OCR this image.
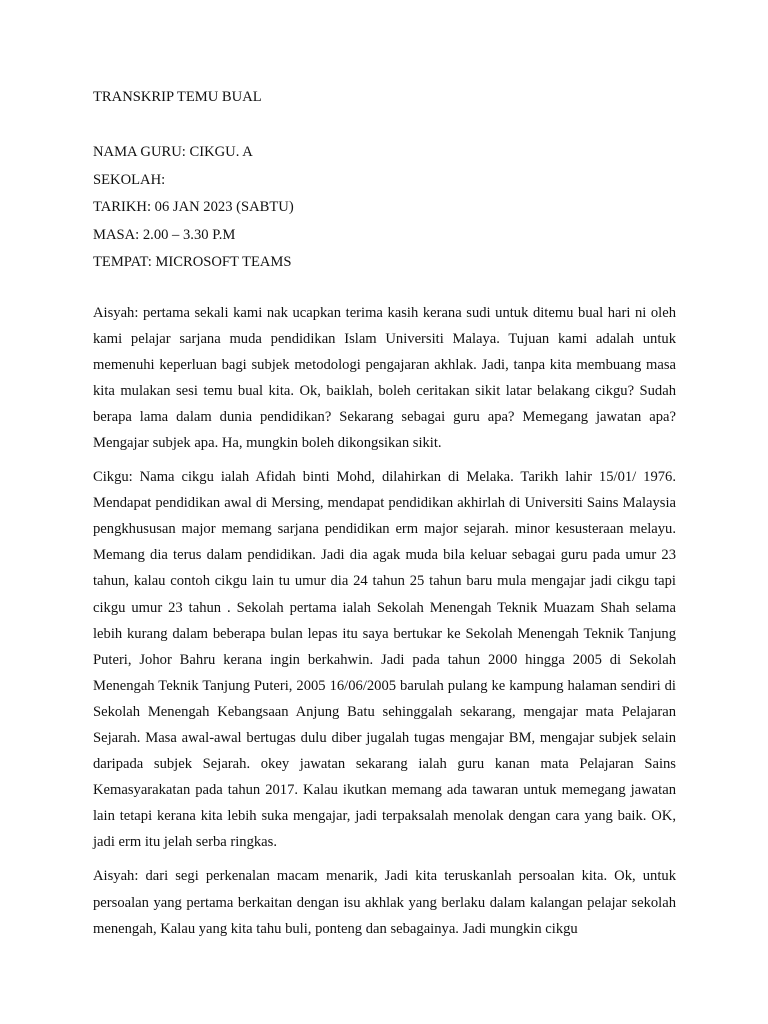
TRANSKRIP TEMU BUAL
NAMA GURU: CIKGU. A
SEKOLAH:
TARIKH: 06 JAN 2023 (SABTU)
MASA: 2.00 – 3.30 P.M
TEMPAT: MICROSOFT TEAMS

Aisyah: pertama sekali kami nak ucapkan terima kasih kerana sudi untuk ditemu bual hari ni oleh kami pelajar sarjana muda pendidikan Islam Universiti Malaya. Tujuan kami adalah untuk memenuhi keperluan bagi subjek metodologi pengajaran akhlak. Jadi, tanpa kita membuang masa kita mulakan sesi temu bual kita. Ok, baiklah, boleh ceritakan sikit latar belakang cikgu? Sudah berapa lama dalam dunia pendidikan? Sekarang sebagai guru apa? Memegang jawatan apa? Mengajar subjek apa. Ha, mungkin boleh dikongsikan sikit.

Cikgu: Nama cikgu ialah Afidah binti Mohd, dilahirkan di Melaka. Tarikh lahir 15/01/ 1976. Mendapat pendidikan awal di Mersing, mendapat pendidikan akhirlah di Universiti Sains Malaysia pengkhususan major memang sarjana pendidikan erm major sejarah. minor kesusteraan melayu. Memang dia terus dalam pendidikan. Jadi dia agak muda bila keluar sebagai guru pada umur 23 tahun, kalau contoh cikgu lain tu umur dia 24 tahun 25 tahun baru mula mengajar jadi cikgu tapi cikgu umur 23 tahun . Sekolah pertama ialah Sekolah Menengah Teknik Muazam Shah selama lebih kurang dalam beberapa bulan lepas itu saya bertukar ke Sekolah Menengah Teknik Tanjung Puteri, Johor Bahru kerana ingin berkahwin. Jadi pada tahun 2000 hingga 2005 di Sekolah Menengah Teknik Tanjung Puteri, 2005 16/06/2005 barulah pulang ke kampung halaman sendiri di Sekolah Menengah Kebangsaan Anjung Batu sehinggalah sekarang, mengajar mata Pelajaran Sejarah. Masa awal-awal bertugas dulu diber jugalah tugas mengajar BM, mengajar subjek selain daripada subjek Sejarah. okey jawatan sekarang ialah guru kanan mata Pelajaran Sains Kemasyarakatan pada tahun 2017. Kalau ikutkan memang ada tawaran untuk memegang jawatan lain tetapi kerana kita lebih suka mengajar, jadi terpaksalah menolak dengan cara yang baik. OK, jadi erm itu jelah serba ringkas.

Aisyah: dari segi perkenalan macam menarik, Jadi kita teruskanlah persoalan kita. Ok, untuk persoalan yang pertama berkaitan dengan isu akhlak yang berlaku dalam kalangan pelajar sekolah menengah, Kalau yang kita tahu buli, ponteng dan sebagainya. Jadi mungkin cikgu
